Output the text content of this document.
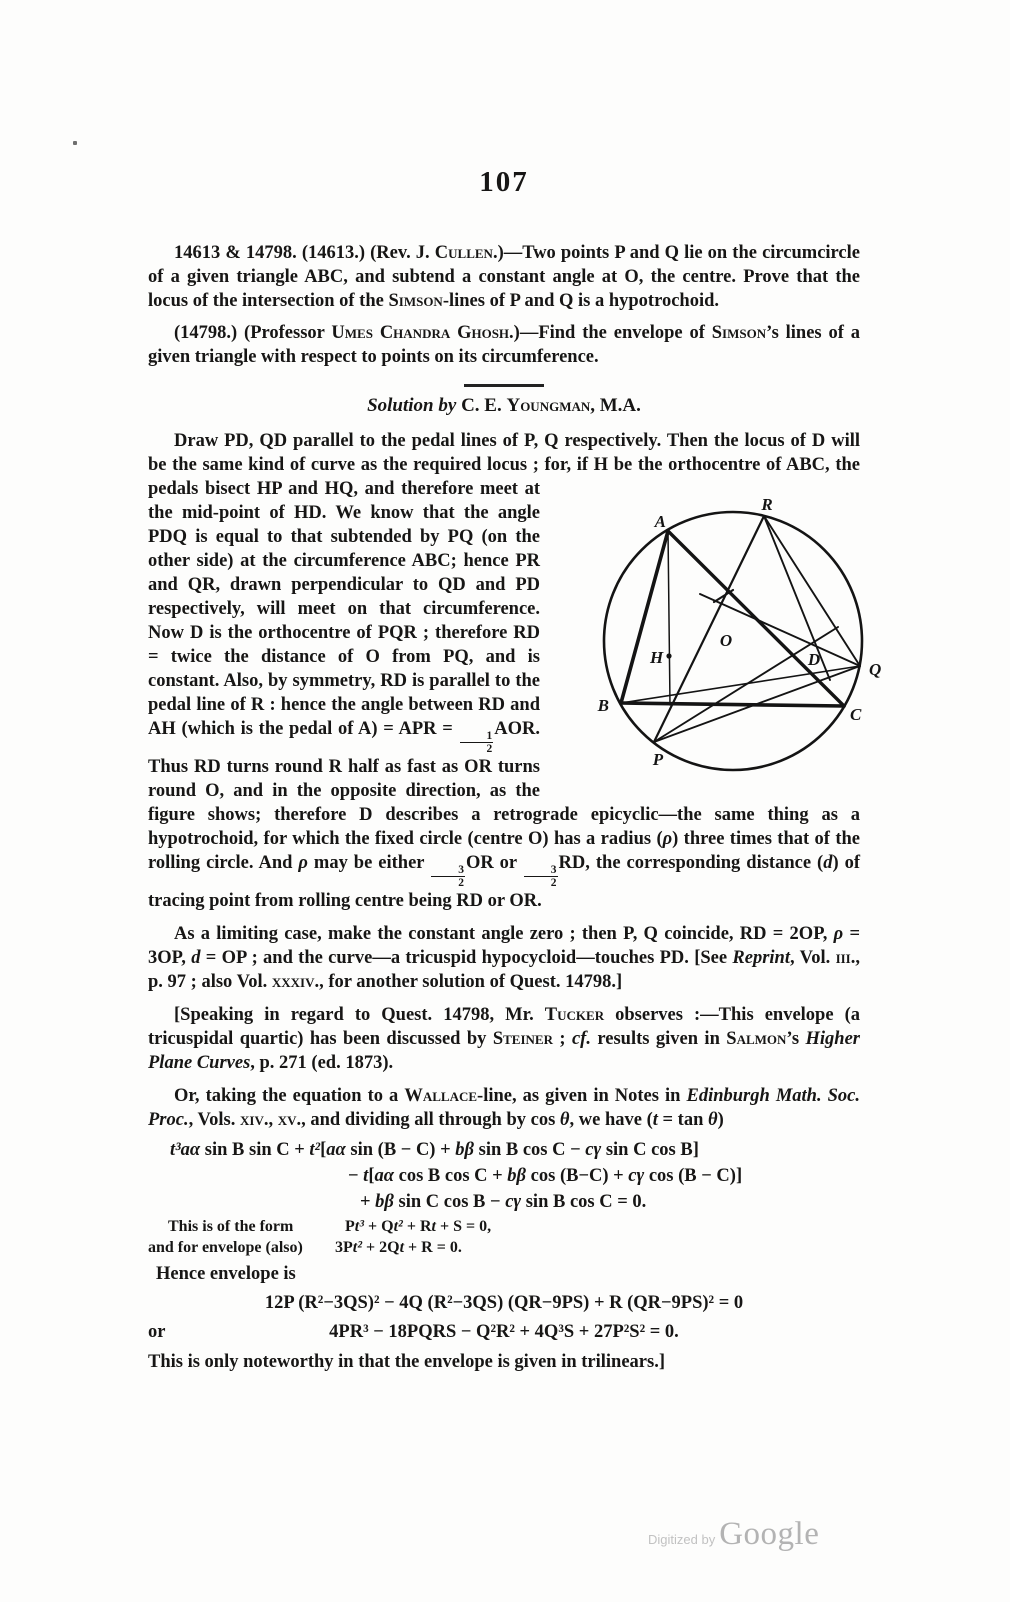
107

14613 & 14798. (14613.) (Rev. J. Cullen.)—Two points P and Q lie on the circumcircle of a given triangle ABC, and subtend a constant angle at O, the centre. Prove that the locus of the intersection of the Simson-lines of P and Q is a hypotrochoid.

(14798.) (Professor Umes Chandra Ghosh.)—Find the envelope of Simson’s lines of a given triangle with respect to points on its circumference.

Solution by C. E. Youngman, M.A.

Draw PD, QD parallel to the pedal lines of P, Q respectively. Then the locus of D will be the same kind of curve as the required locus ; for,
A
R
B	C
P
Q
O
D
H
if H be the orthocentre of ABC, the pedals bisect HP and HQ, and therefore meet at the mid-point of HD. We know that the angle PDQ is equal to that subtended by PQ (on the other side) at the circumference ABC; hence PR and QR, drawn perpendicular to QD and PD respectively, will meet on that circumference. Now D is the orthocentre of PQR ; therefore RD = twice the distance of O from PQ, and is constant. Also, by symmetry, RD is parallel to the pedal line of R : hence the angle between RD and AH (which is the pedal of A) = APR =
$\frac{1}{2}$
AOR. Thus RD turns round R half as fast as OR turns round O, and in the opposite direction, as the figure shows; therefore D describes a retrograde epicyclic—the same thing as a hypotrochoid, for which the fixed circle (centre O) has a radius (ρ) three times that of the rolling circle. And ρ may be either
$\frac{3}{2}$
OR or
$\frac{3}{2}$
RD, the corresponding distance (d) of tracing point from rolling centre being RD or OR.

As a limiting case, make the constant angle zero ; then P, Q coincide, RD = 2OP, ρ = 3OP, d = OP ; and the curve—a tricuspid hypocycloid—touches PD. [See Reprint, Vol. iii., p. 97 ; also Vol. xxxiv., for another solution of Quest. 14798.]

[Speaking in regard to Quest. 14798, Mr. Tucker observes :—This envelope (a tricuspidal quartic) has been discussed by Steiner ; cf. results given in Salmon’s Higher Plane Curves, p. 271 (ed. 1873).

Or, taking the equation to a Wallace-line, as given in Notes in Edinburgh Math. Soc. Proc., Vols. xiv., xv., and dividing all through by cos θ, we have (t = tan θ)

t³aα sin B sin C + t²[aα sin (B − C) + bβ sin B cos C − cγ sin C cos B]

− t[aα cos B cos C + bβ cos (B−C) + cγ cos (B − C)]

+ bβ sin C cos B − cγ sin B cos C = 0.

This is of the form	Pt³ + Qt² + Rt + S = 0,
and for envelope (also)	3Pt² + 2Qt + R = 0.

Hence envelope is

12P (R²−3QS)² − 4Q (R²−3QS) (QR−9PS) + R (QR−9PS)² = 0

or	4PR³ − 18PQRS − Q²R² + 4Q³S + 27P²S² = 0.

This is only noteworthy in that the envelope is given in trilinears.]

Digitized by Google
